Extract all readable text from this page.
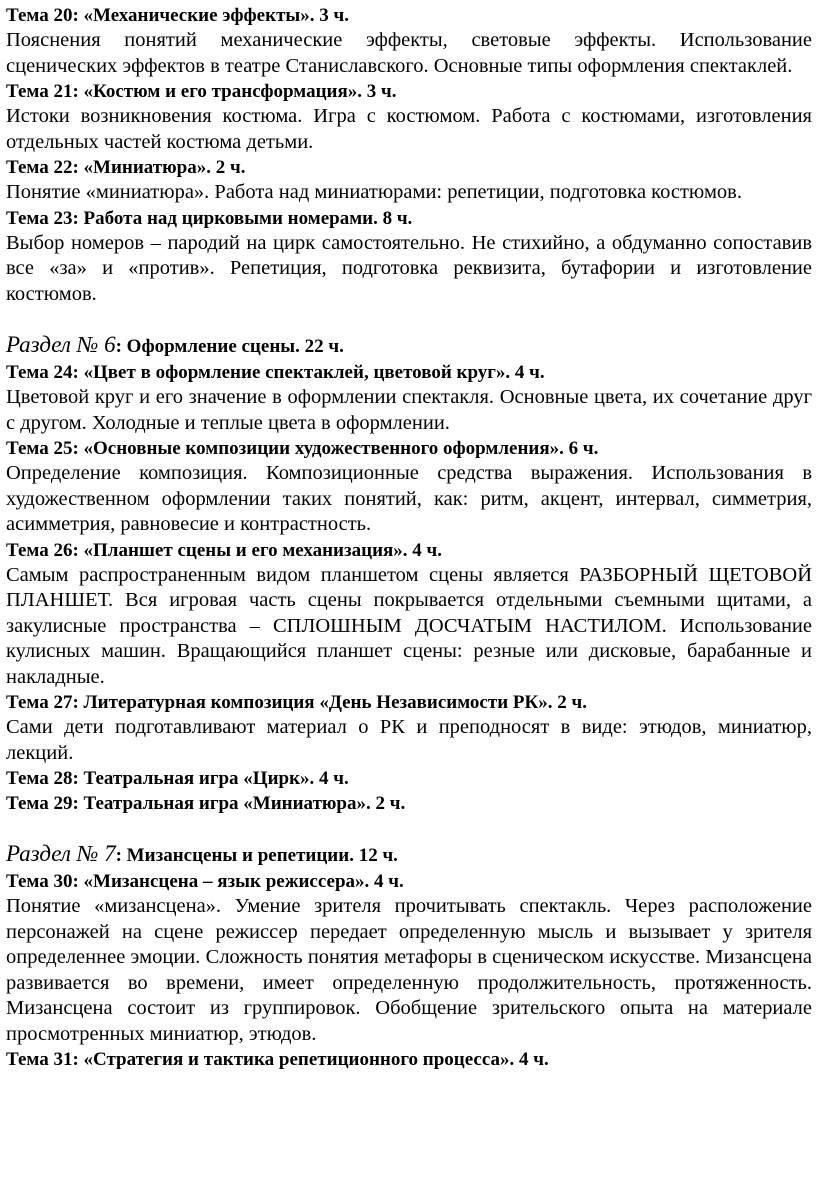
Тема 20: «Механические эффекты». 3 ч.

Пояснения понятий механические эффекты, световые эффекты. Использование сценических эффектов в театре Станиславского. Основные типы оформления спектаклей.

Тема 21: «Костюм и его трансформация». 3 ч.

Истоки возникновения костюма. Игра с костюмом. Работа с костюмами, изготовления отдельных частей костюма детьми.

Тема 22: «Миниатюра». 2 ч.

Понятие «миниатюра». Работа над миниатюрами: репетиции, подготовка костюмов.

Тема 23: Работа над цирковыми номерами. 8 ч.

Выбор номеров – пародий на цирк самостоятельно. Не стихийно, а обдуманно сопоставив все «за» и «против». Репетиция, подготовка реквизита, бутафории и изготовление костюмов.

Раздел № 6: Оформление сцены. 22 ч.

Тема 24: «Цвет в оформление спектаклей, цветовой круг». 4 ч.

Цветовой круг и его значение в оформлении спектакля. Основные цвета, их сочетание друг с другом. Холодные и теплые цвета в оформлении.

Тема 25: «Основные композиции художественного оформления». 6 ч.

Определение композиция. Композиционные средства выражения. Использования в художественном оформлении таких понятий, как: ритм, акцент, интервал, симметрия, асимметрия, равновесие и контрастность.

Тема 26: «Планшет сцены и его механизация». 4 ч.

Самым распространенным видом планшетом сцены является РАЗБОРНЫЙ ЩЕТОВОЙ ПЛАНШЕТ. Вся игровая часть сцены покрывается отдельными съемными щитами, а закулисные пространства – СПЛОШНЫМ ДОСЧАТЫМ НАСТИЛОМ. Использование кулисных машин. Вращающийся планшет сцены: резные или дисковые, барабанные и накладные.

Тема 27: Литературная композиция «День Независимости РК». 2 ч.

Сами дети подготавливают материал о РК и преподносят в виде: этюдов, миниатюр, лекций.

Тема 28: Театральная игра «Цирк». 4 ч.

Тема 29: Театральная игра «Миниатюра». 2 ч.

Раздел № 7: Мизансцены и репетиции. 12 ч.

Тема 30: «Мизансцена – язык режиссера». 4 ч.

Понятие «мизансцена». Умение зрителя прочитывать спектакль. Через расположение персонажей на сцене режиссер передает определенную мысль и вызывает у зрителя определеннее эмоции. Сложность понятия метафоры в сценическом искусстве. Мизансцена развивается во времени, имеет определенную продолжительность, протяженность. Мизансцена состоит из группировок. Обобщение зрительского опыта на материале просмотренных миниатюр, этюдов.

Тема 31: «Стратегия и тактика репетиционного процесса». 4 ч.
